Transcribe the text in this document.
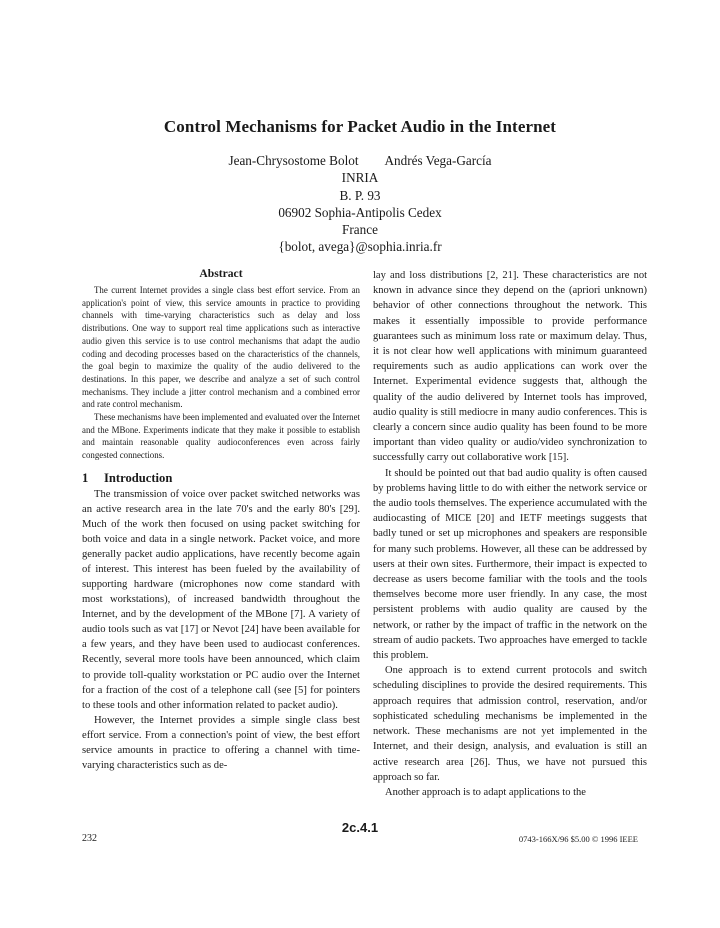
Control Mechanisms for Packet Audio in the Internet
Jean-Chrysostome Bolot Andrés Vega-García
INRIA
B. P. 93
06902 Sophia-Antipolis Cedex
France
{bolot, avega}@sophia.inria.fr
Abstract

The current Internet provides a single class best effort service. From an application's point of view, this service amounts in practice to providing channels with time-varying characteristics such as delay and loss distributions. One way to support real time applications such as interactive audio given this service is to use control mechanisms that adapt the audio coding and decoding processes based on the characteristics of the channels, the goal begin to maximize the quality of the audio delivered to the destinations. In this paper, we describe and analyze a set of such control mechanisms. They include a jitter control mechanism and a combined error and rate control mechanism.

These mechanisms have been implemented and evaluated over the Internet and the MBone. Experiments indicate that they make it possible to establish and maintain reasonable quality audioconferences even across fairly congested connections.

1 Introduction

The transmission of voice over packet switched networks was an active research area in the late 70's and the early 80's [29]. Much of the work then focused on using packet switching for both voice and data in a single network. Packet voice, and more generally packet audio applications, have recently become again of interest. This interest has been fueled by the availability of supporting hardware (microphones now come standard with most workstations), of increased bandwidth throughout the Internet, and by the development of the MBone [7]. A variety of audio tools such as vat [17] or Nevot [24] have been available for a few years, and they have been used to audiocast conferences. Recently, several more tools have been announced, which claim to provide toll-quality workstation or PC audio over the Internet for a fraction of the cost of a telephone call (see [5] for pointers to these tools and other information related to packet audio).

However, the Internet provides a simple single class best effort service. From a connection's point of view, the best effort service amounts in practice to offering a channel with time-varying characteristics such as de-

lay and loss distributions [2, 21]. These characteristics are not known in advance since they depend on the (apriori unknown) behavior of other connections throughout the network. This makes it essentially impossible to provide performance guarantees such as minimum loss rate or maximum delay. Thus, it is not clear how well applications with minimum guaranteed requirements such as audio applications can work over the Internet. Experimental evidence suggests that, although the quality of the audio delivered by Internet tools has improved, audio quality is still mediocre in many audio conferences. This is clearly a concern since audio quality has been found to be more important than video quality or audio/video synchronization to successfully carry out collaborative work [15].

It should be pointed out that bad audio quality is often caused by problems having little to do with either the network service or the audio tools themselves. The experience accumulated with the audiocasting of MICE [20] and IETF meetings suggests that badly tuned or set up microphones and speakers are responsible for many such problems. However, all these can be addressed by users at their own sites. Furthermore, their impact is expected to decrease as users become familiar with the tools and the tools themselves become more user friendly. In any case, the most persistent problems with audio quality are caused by the network, or rather by the impact of traffic in the network on the stream of audio packets. Two approaches have emerged to tackle this problem.

One approach is to extend current protocols and switch scheduling disciplines to provide the desired requirements. This approach requires that admission control, reservation, and/or sophisticated scheduling mechanisms be implemented in the network. These mechanisms are not yet implemented in the Internet, and their design, analysis, and evaluation is still an active research area [26]. Thus, we have not pursued this approach so far.

Another approach is to adapt applications to the

2c.4.1
232	0743-166X/96 $5.00 © 1996 IEEE
